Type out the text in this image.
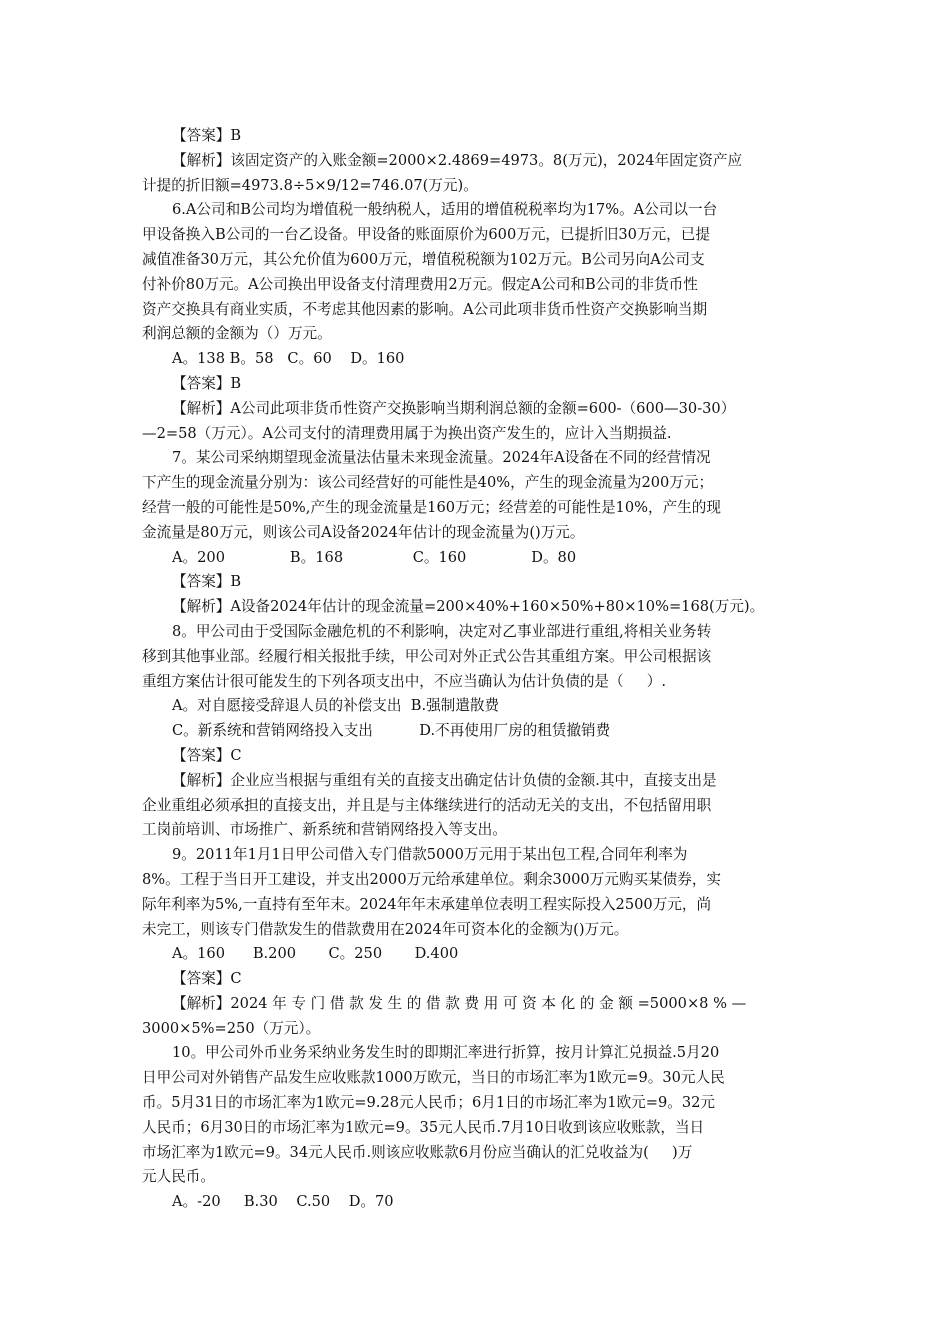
【答案】B
【解析】该固定资产的入账金额=2000×2.4869=4973。8(万元)，2024年固定资产应
计提的折旧额=4973.8÷5×9/12=746.07(万元)。
6.A公司和B公司均为增值税一般纳税人，适用的增值税税率均为17%。A公司以一台
甲设备换入B公司的一台乙设备。甲设备的账面原价为600万元，已提折旧30万元，已提
减值准备30万元，其公允价值为600万元，增值税税额为102万元。B公司另向A公司支
付补价80万元。A公司换出甲设备支付清理费用2万元。假定A公司和B公司的非货币性
资产交换具有商业实质，不考虑其他因素的影响。A公司此项非货币性资产交换影响当期
利润总额的金额为（）万元。
A。138 B。58   C。60    D。160
【答案】B
【解析】A公司此项非货币性资产交换影响当期利润总额的金额=600-（600—30-30）
—2=58（万元）。A公司支付的清理费用属于为换出资产发生的，应计入当期损益.
7。某公司采纳期望现金流量法估量未来现金流量。2024年A设备在不同的经营情况
下产生的现金流量分别为：该公司经营好的可能性是40%，产生的现金流量为200万元；
经营一般的可能性是50%,产生的现金流量是160万元；经营差的可能性是10%，产生的现
金流量是80万元，则该公司A设备2024年估计的现金流量为()万元。
A。200              B。168               C。160              D。80
【答案】B
【解析】A设备2024年估计的现金流量=200×40%+160×50%+80×10%=168(万元)。
8。甲公司由于受国际金融危机的不利影响，决定对乙事业部进行重组,将相关业务转
移到其他事业部。经履行相关报批手续，甲公司对外正式公告其重组方案。甲公司根据该
重组方案估计很可能发生的下列各项支出中，不应当确认为估计负债的是（     ）.
A。对自愿接受辞退人员的补偿支出  B.强制遣散费
C。新系统和营销网络投入支出          D.不再使用厂房的租赁撤销费
【答案】C
【解析】企业应当根据与重组有关的直接支出确定估计负债的金额.其中，直接支出是
企业重组必须承担的直接支出，并且是与主体继续进行的活动无关的支出，不包括留用职
工岗前培训、市场推广、新系统和营销网络投入等支出。
9。2011年1月1日甲公司借入专门借款5000万元用于某出包工程,合同年利率为
8%。工程于当日开工建设，并支出2000万元给承建单位。剩余3000万元购买某债券，实
际年利率为5%,一直持有至年末。2024年年末承建单位表明工程实际投入2500万元，尚
未完工，则该专门借款发生的借款费用在2024年可资本化的金额为()万元。
A。160      B.200       C。250       D.400
【答案】C
【解析】2024 年 专 门 借 款 发 生 的 借 款 费 用 可 资 本 化 的 金 额 =5000×8 % —
3000×5%=250（万元）。
10。甲公司外币业务采纳业务发生时的即期汇率进行折算，按月计算汇兑损益.5月20
日甲公司对外销售产品发生应收账款1000万欧元，当日的市场汇率为1欧元=9。30元人民
币。5月31日的市场汇率为1欧元=9.28元人民币；6月1日的市场汇率为1欧元=9。32元
人民币；6月30日的市场汇率为1欧元=9。35元人民币.7月10日收到该应收账款，当日
市场汇率为1欧元=9。34元人民币.则该应收账款6月份应当确认的汇兑收益为(     )万
元人民币。
A。-20     B.30    C.50    D。70
